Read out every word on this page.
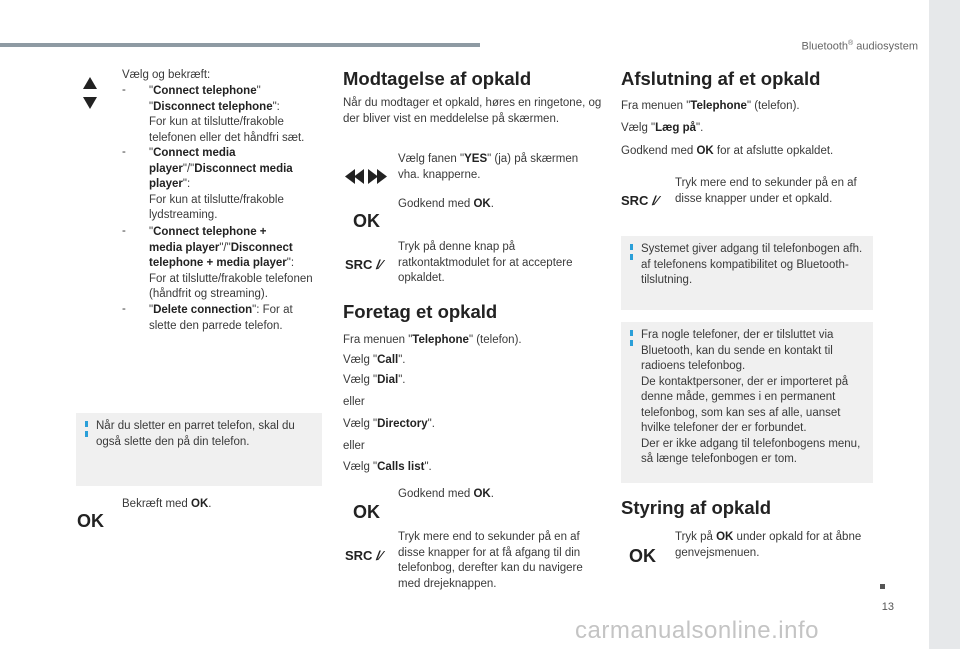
Bluetooth® audiosystem
13
carmanualsonline.info
Vælg og bekræft:
- "Connect telephone"
"Disconnect telephone":
For kun at tilslutte/frakoble telefonen eller det håndfri sæt.
- "Connect media
player"/"Disconnect media
player":
For kun at tilslutte/frakoble lydstreaming.
- "Connect telephone +
media player"/"Disconnect
telephone + media player":
For at tilslutte/frakoble telefonen (håndfrit og streaming).
- "Delete connection": For at
slette den parrede telefon.
Når du sletter en parret telefon, skal du også slette den på din telefon.
OK
Bekræft med OK.
Modtagelse af opkald
Når du modtager et opkald, høres en ringetone, og der bliver vist en meddelelse på skærmen.
Vælg fanen "YES" (ja) på skærmen vha. knapperne.
OK
Godkend med OK.
SRC /⁄
Tryk på denne knap på ratkontaktmodulet for at acceptere opkaldet.
Foretag et opkald
Fra menuen "Telephone" (telefon).
Vælg "Call".
Vælg "Dial".
eller
Vælg "Directory".
eller
Vælg "Calls list".
OK
Godkend med OK.
SRC /⁄
Tryk mere end to sekunder på en af disse knapper for at få afgang til din telefonbog, derefter kan du navigere med drejeknappen.
Afslutning af et opkald
Fra menuen "Telephone" (telefon).
Vælg "Læg på".
Godkend med OK for at afslutte opkaldet.
SRC /⁄
Tryk mere end to sekunder på en af disse knapper under et opkald.
Systemet giver adgang til telefonbogen afh. af telefonens kompatibilitet og Bluetooth-tilslutning.
Fra nogle telefoner, der er tilsluttet via Bluetooth, kan du sende en kontakt til radioens telefonbog.
De kontaktpersoner, der er importeret på denne måde, gemmes i en permanent telefonbog, som kan ses af alle, uanset hvilke telefoner der er forbundet.
Der er ikke adgang til telefonbogens menu, så længe telefonbogen er tom.
Styring af opkald
OK
Tryk på OK under opkald for at åbne genvejsmenuen.
